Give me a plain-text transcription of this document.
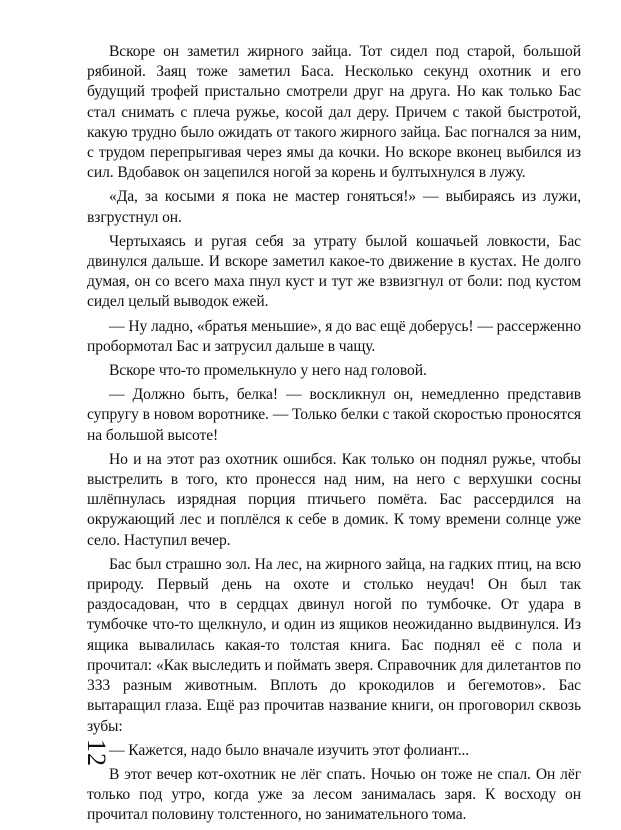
Вскоре он заметил жирного зайца. Тот сидел под старой, большой рябиной. Заяц тоже заметил Баса. Несколько секунд охотник и его будущий трофей пристально смотрели друг на друга. Но как только Бас стал снимать с плеча ружье, косой дал деру. Причем с такой быстротой, какую трудно было ожидать от такого жирного зайца. Бас погнался за ним, с трудом перепрыгивая через ямы да кочки. Но вскоре вконец выбился из сил. Вдобавок он зацепился ногой за корень и бултыхнулся в лужу.

«Да, за косыми я пока не мастер гоняться!» — выбираясь из лужи, взгрустнул он.

Чертыхаясь и ругая себя за утрату былой кошачьей ловкости, Бас двинулся дальше. И вскоре заметил какое-то движение в кустах. Не долго думая, он со всего маха пнул куст и тут же взвизгнул от боли: под кустом сидел целый выводок ежей.

— Ну ладно, «братья меньшие», я до вас ещё доберусь! — рассерженно пробормотал Бас и затрусил дальше в чащу.

Вскоре что-то промелькнуло у него над головой.

— Должно быть, белка! — воскликнул он, немедленно представив супругу в новом воротнике. — Только белки с такой скоростью проносятся на большой высоте!

Но и на этот раз охотник ошибся. Как только он поднял ружье, чтобы выстрелить в того, кто пронесся над ним, на него с верхушки сосны шлёпнулась изрядная порция птичьего помёта. Бас рассердился на окружающий лес и поплёлся к себе в домик. К тому времени солнце уже село. Наступил вечер.

Бас был страшно зол. На лес, на жирного зайца, на гадких птиц, на всю природу. Первый день на охоте и столько неудач! Он был так раздосадован, что в сердцах двинул ногой по тумбочке. От удара в тумбочке что-то щелкнуло, и один из ящиков неожиданно выдвинулся. Из ящика вывалилась какая-то толстая книга. Бас поднял её с пола и прочитал: «Как выследить и поймать зверя. Справочник для дилетантов по 333 разным животным. Вплоть до крокодилов и бегемотов». Бас вытаращил глаза. Ещё раз прочитав название книги, он проговорил сквозь зубы:

— Кажется, надо было вначале изучить этот фолиант...

В этот вечер кот-охотник не лёг спать. Ночью он тоже не спал. Он лёг только под утро, когда уже за лесом занималась заря. К восходу он прочитал половину толстенного, но занимательного тома.

12
